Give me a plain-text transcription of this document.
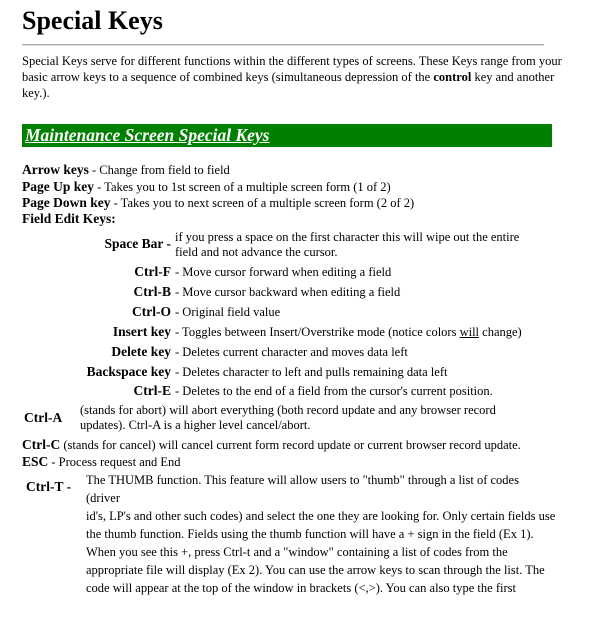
Special Keys

Special Keys serve for different functions within the different types of screens. These Keys range from your basic arrow keys to a sequence of combined keys (simultaneous depression of the control key and another key.).

Maintenance Screen Special Keys
Arrow keys - Change from field to field
Page Up key - Takes you to 1st screen of a multiple screen form (1 of 2)
Page Down key - Takes you to next screen of a multiple screen form (2 of 2)
Field Edit Keys:
Space Bar - if you press a space on the first character this will wipe out the entire field and not advance the cursor.
Ctrl-F - Move cursor forward when editing a field
Ctrl-B - Move cursor backward when editing a field
Ctrl-O - Original field value
Insert key - Toggles between Insert/Overstrike mode (notice colors will change)
Delete key - Deletes current character and moves data left
Backspace key - Deletes character to left and pulls remaining data left
Ctrl-E - Deletes to the end of a field from the cursor's current position.
Ctrl-A (stands for abort) will abort everything (both record update and any browser record updates). Ctrl-A is a higher level cancel/abort.
Ctrl-C (stands for cancel) will cancel current form record update or current browser record update.
ESC - Process request and End
Ctrl-T - The THUMB function. This feature will allow users to "thumb" through a list of codes (driver

id's, LP's and other such codes) and select the one they are looking for. Only certain fields use the thumb function. Fields using the thumb function will have a + sign in the field (Ex 1).

When you see this +, press Ctrl-t and a "window" containing a list of codes from the appropriate file will display (Ex 2). You can use the arrow keys to scan through the list. The code will appear at the top of the window in brackets (<,>). You can also type the first
